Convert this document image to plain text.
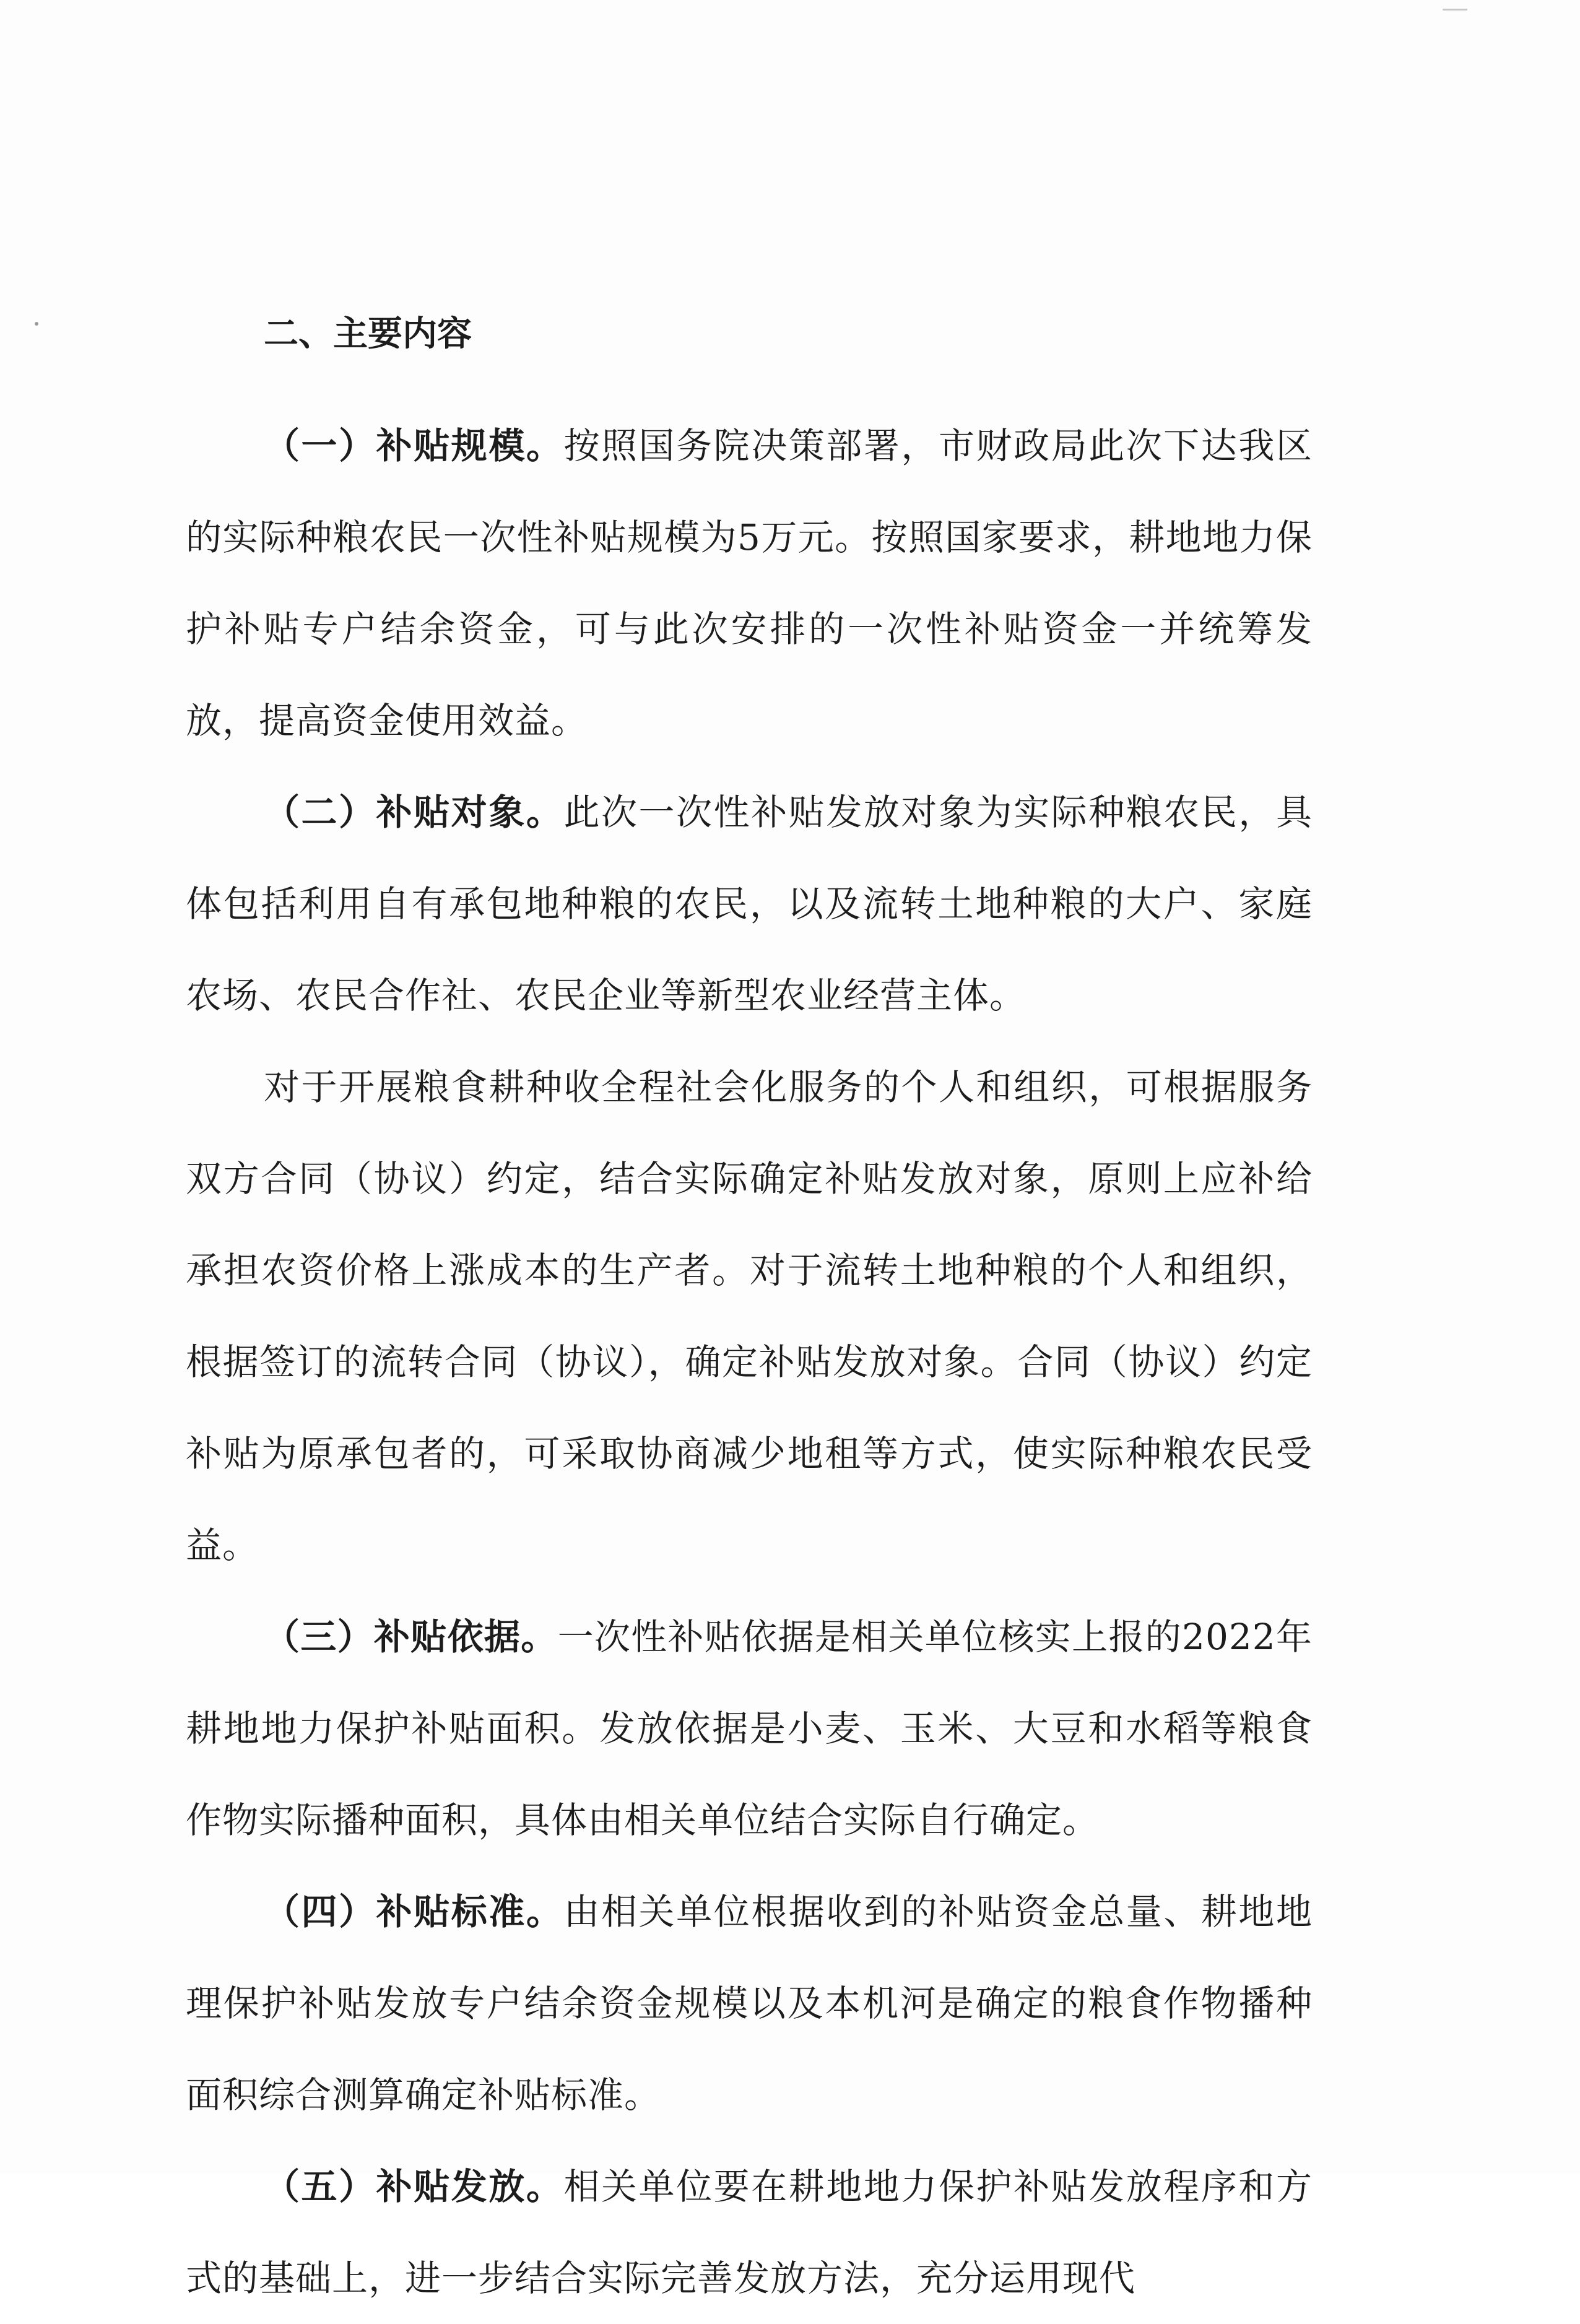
二、主要内容

（一）补贴规模。按照国务院决策部署，市财政局此次下达我区的实际种粮农民一次性补贴规模为5万元。按照国家要求，耕地地力保护补贴专户结余资金，可与此次安排的一次性补贴资金一并统筹发放，提高资金使用效益。

（二）补贴对象。此次一次性补贴发放对象为实际种粮农民，具体包括利用自有承包地种粮的农民，以及流转土地种粮的大户、家庭农场、农民合作社、农民企业等新型农业经营主体。

对于开展粮食耕种收全程社会化服务的个人和组织，可根据服务双方合同（协议）约定，结合实际确定补贴发放对象，原则上应补给承担农资价格上涨成本的生产者。对于流转土地种粮的个人和组织，根据签订的流转合同（协议），确定补贴发放对象。合同（协议）约定补贴为原承包者的，可采取协商减少地租等方式，使实际种粮农民受益。

（三）补贴依据。一次性补贴依据是相关单位核实上报的2022年耕地地力保护补贴面积。发放依据是小麦、玉米、大豆和水稻等粮食作物实际播种面积，具体由相关单位结合实际自行确定。

（四）补贴标准。由相关单位根据收到的补贴资金总量、耕地地理保护补贴发放专户结余资金规模以及本机河是确定的粮食作物播种面积综合测算确定补贴标准。

（五）补贴发放。相关单位要在耕地地力保护补贴发放程序和方式的基础上，进一步结合实际完善发放方法，充分运用现代
